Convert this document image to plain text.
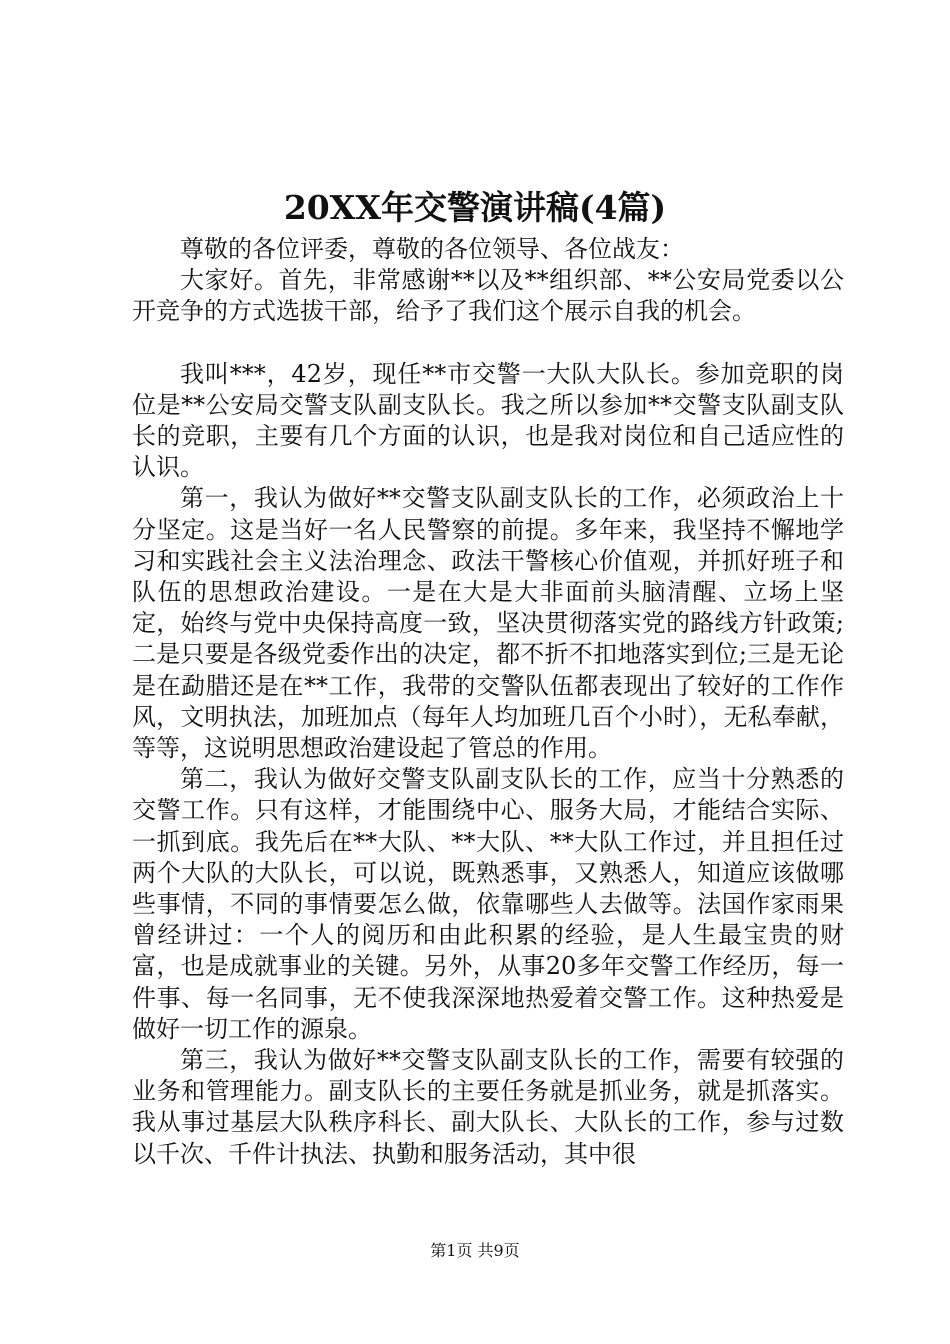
20XX年交警演讲稿(4篇)

尊敬的各位评委，尊敬的各位领导、各位战友：

大家好。首先，非常感谢**以及**组织部、**公安局党委以公开竞争的方式选拔干部，给予了我们这个展示自我的机会。

我叫***，42岁，现任**市交警一大队大队长。参加竞职的岗位是**公安局交警支队副支队长。我之所以参加**交警支队副支队长的竞职，主要有几个方面的认识，也是我对岗位和自己适应性的认识。

第一，我认为做好**交警支队副支队长的工作，必须政治上十分坚定。这是当好一名人民警察的前提。多年来，我坚持不懈地学习和实践社会主义法治理念、政法干警核心价值观，并抓好班子和队伍的思想政治建设。一是在大是大非面前头脑清醒、立场上坚定，始终与党中央保持高度一致，坚决贯彻落实党的路线方针政策;二是只要是各级党委作出的决定，都不折不扣地落实到位;三是无论是在勐腊还是在**工作，我带的交警队伍都表现出了较好的工作作风，文明执法，加班加点（每年人均加班几百个小时），无私奉献，等等，这说明思想政治建设起了管总的作用。

第二，我认为做好交警支队副支队长的工作，应当十分熟悉的交警工作。只有这样，才能围绕中心、服务大局，才能结合实际、一抓到底。我先后在**大队、**大队、**大队工作过，并且担任过两个大队的大队长，可以说，既熟悉事，又熟悉人，知道应该做哪些事情，不同的事情要怎么做，依靠哪些人去做等。法国作家雨果曾经讲过：一个人的阅历和由此积累的经验，是人生最宝贵的财富，也是成就事业的关键。另外，从事20多年交警工作经历，每一件事、每一名同事，无不使我深深地热爱着交警工作。这种热爱是做好一切工作的源泉。

第三，我认为做好**交警支队副支队长的工作，需要有较强的业务和管理能力。副支队长的主要任务就是抓业务，就是抓落实。我从事过基层大队秩序科长、副大队长、大队长的工作，参与过数以千次、千件计执法、执勤和服务活动，其中很

第1页 共9页
